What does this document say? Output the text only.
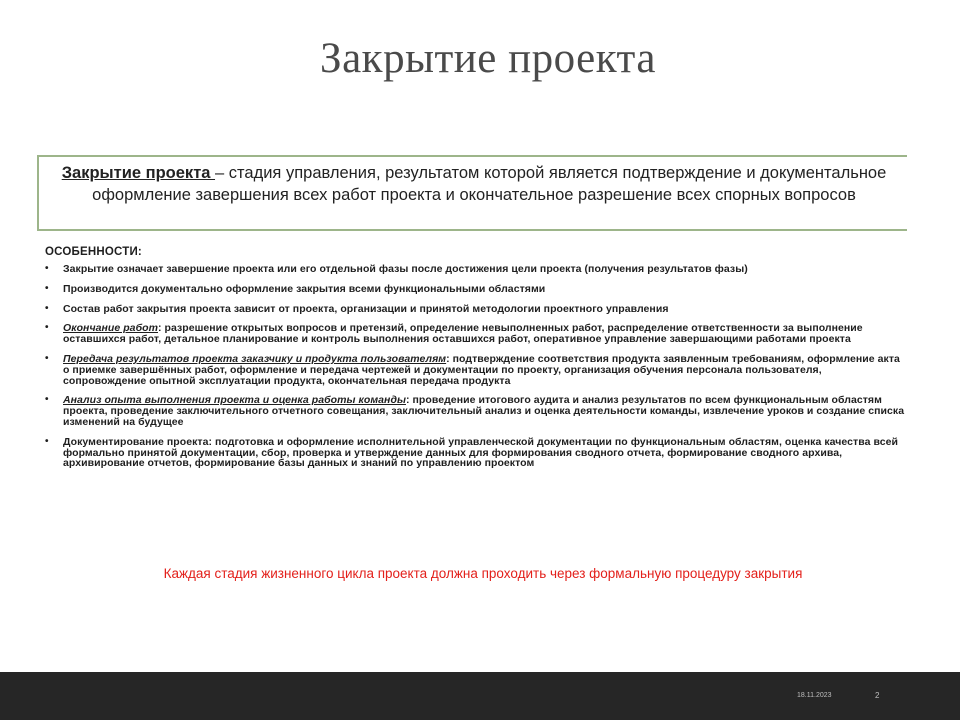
Закрытие проекта
Закрытие проекта – стадия управления, результатом которой является подтверждение и документальное оформление завершения всех работ проекта и окончательное разрешение всех спорных вопросов
ОСОБЕННОСТИ:
• Закрытие означает завершение проекта или его отдельной фазы после достижения цели проекта (получения результатов фазы)
• Производится документально оформление закрытия всеми функциональными областями
• Состав работ закрытия проекта зависит от проекта, организации и принятой методологии проектного управления
• Окончание работ: разрешение открытых вопросов и претензий, определение невыполненных работ, распределение ответственности за выполнение оставшихся работ, детальное планирование и контроль выполнения оставшихся работ, оперативное управление завершающими работами проекта
• Передача результатов проекта заказчику и продукта пользователям: подтверждение соответствия продукта заявленным требованиям, оформление акта о приемке завершённых работ, оформление и передача чертежей и документации по проекту, организация обучения персонала пользователя, сопровождение опытной эксплуатации продукта, окончательная передача продукта
• Анализ опыта выполнения проекта и оценка работы команды: проведение итогового аудита и анализ результатов по всем функциональным областям проекта, проведение заключительного отчетного совещания, заключительный анализ и оценка деятельности команды, извлечение уроков и создание списка изменений на будущее
• Документирование проекта: подготовка и оформление исполнительной управленческой документации по функциональным областям, оценка качества всей формально принятой документации, сбор, проверка и утверждение данных для формирования сводного отчета, формирование сводного архива, архивирование отчетов, формирование базы данных и знаний по управлению проектом
Каждая стадия жизненного цикла проекта должна проходить через формальную процедуру закрытия
18.11.2023	2
